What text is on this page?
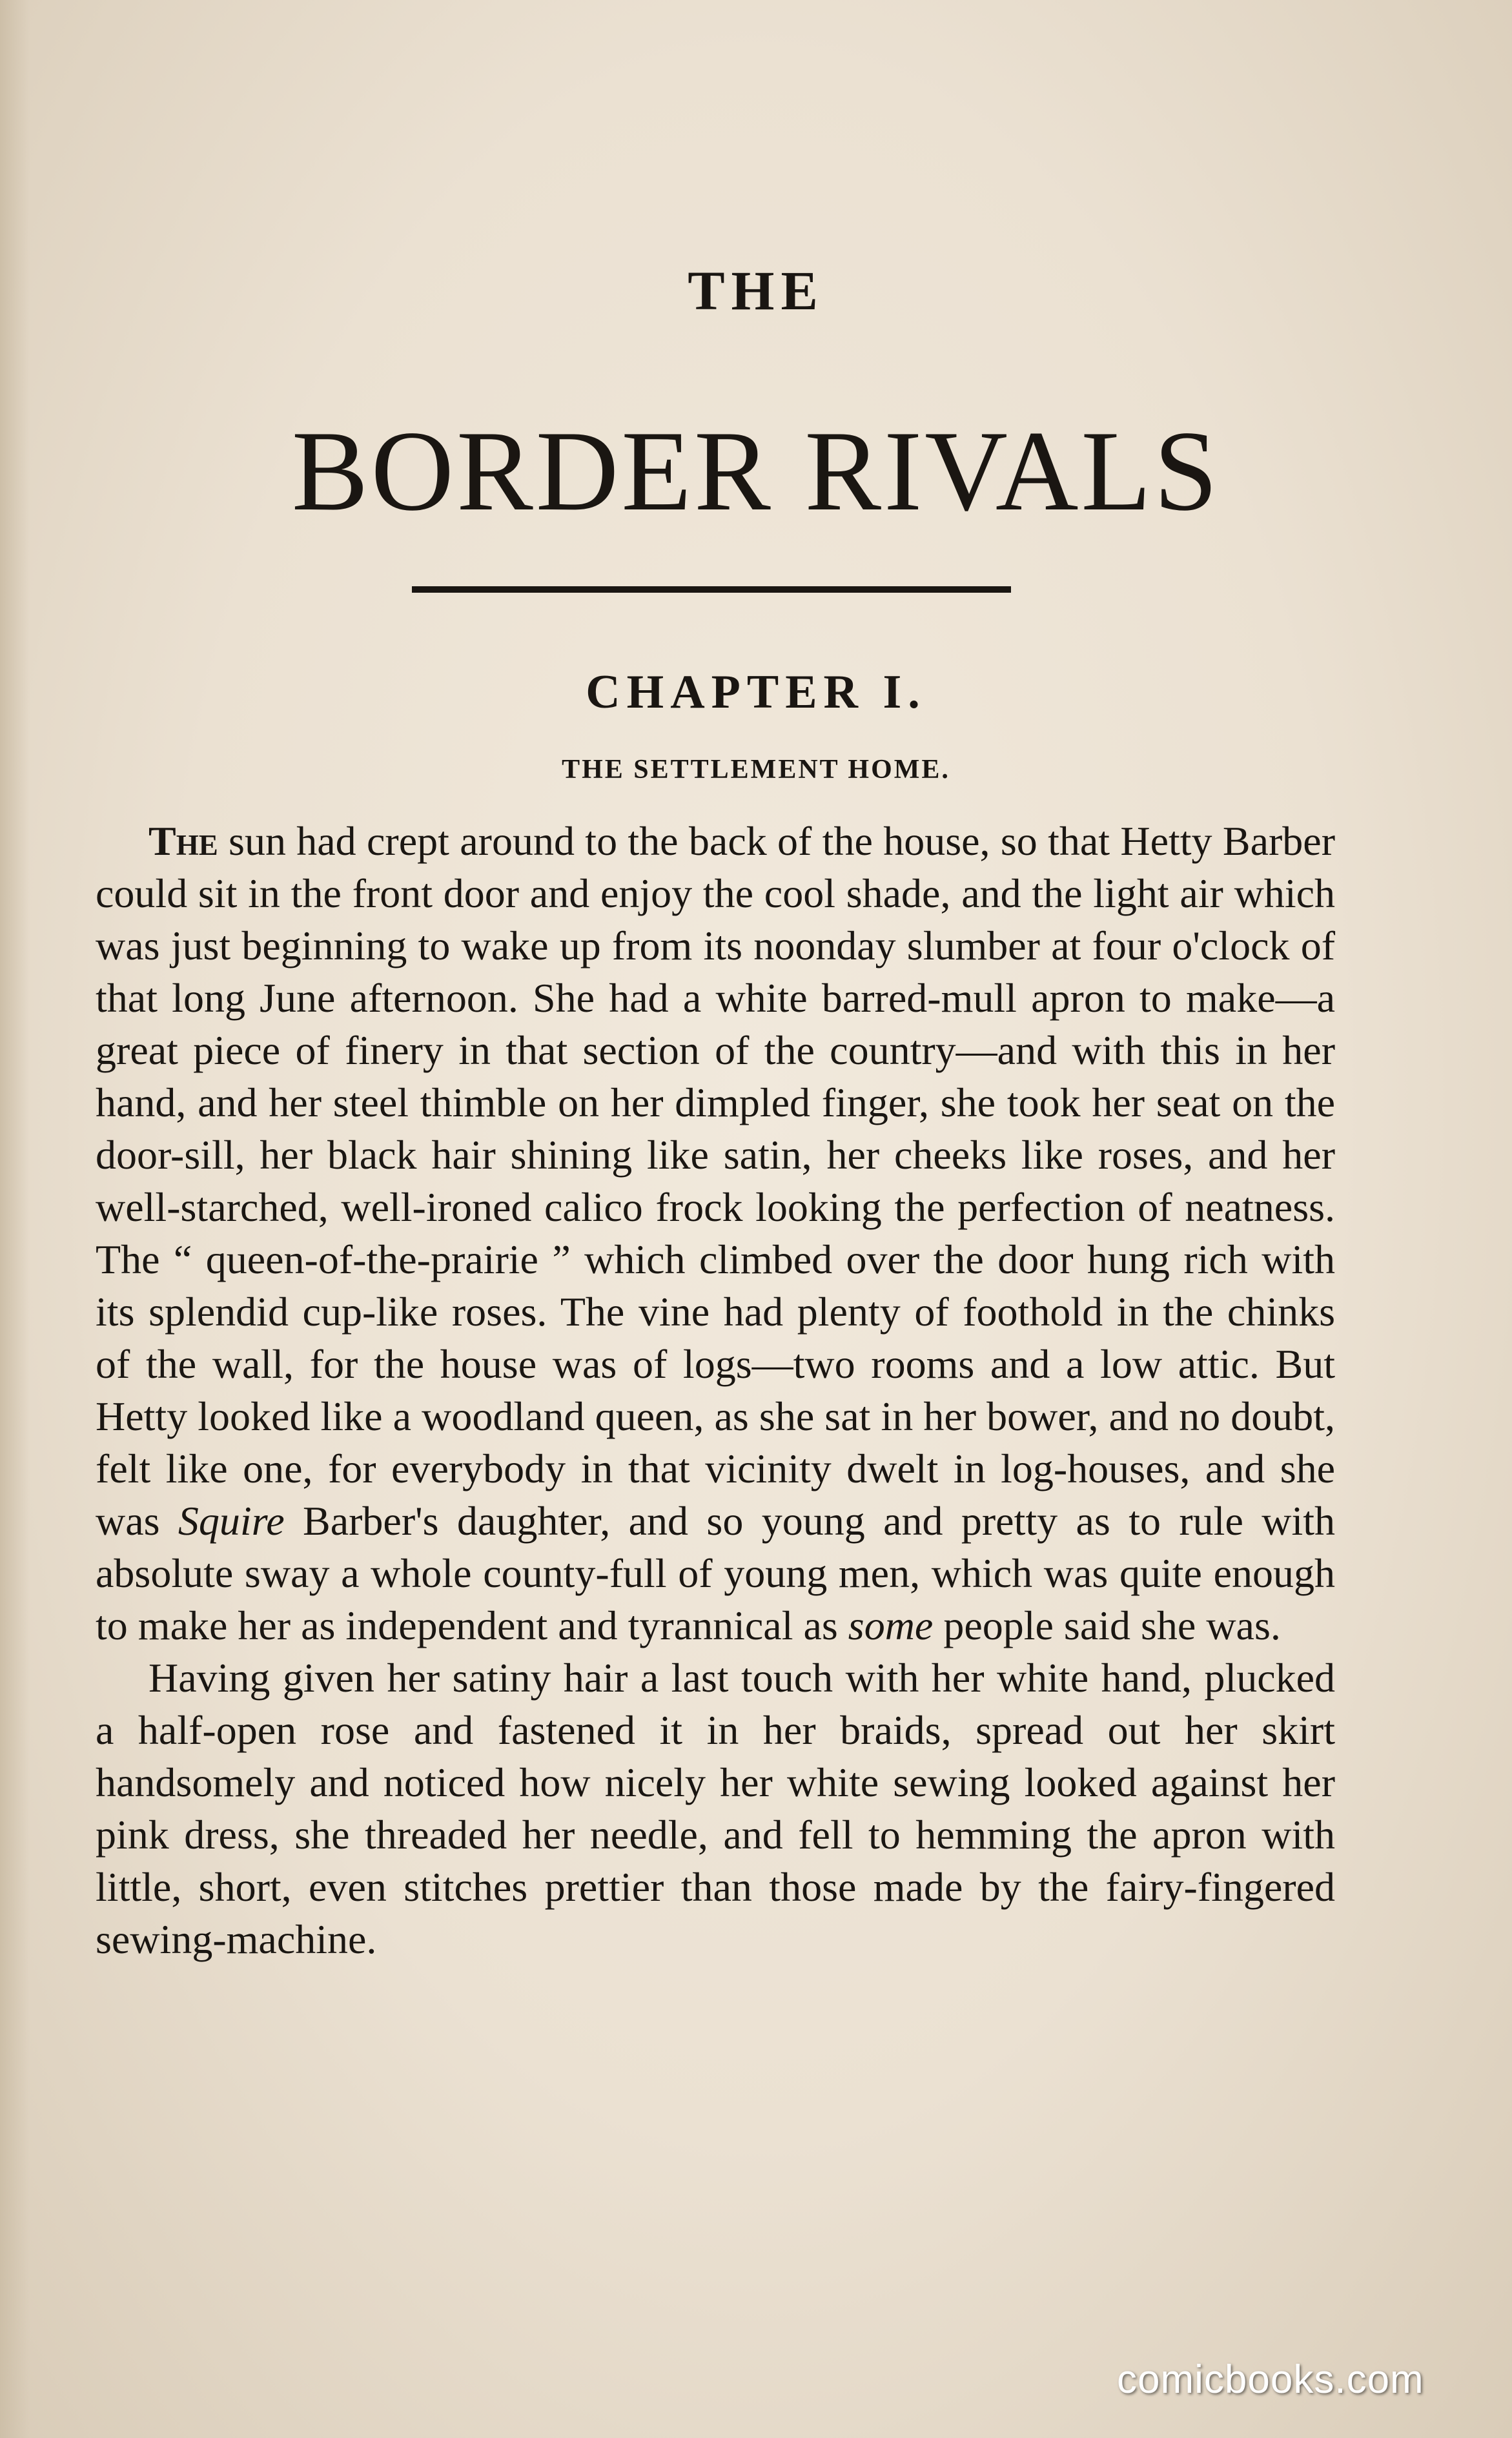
THE
BORDER RIVALS
CHAPTER I.
THE SETTLEMENT HOME.

The sun had crept around to the back of the house, so that Hetty Barber could sit in the front door and enjoy the cool shade, and the light air which was just beginning to wake up from its noonday slumber at four o'clock of that long June afternoon. She had a white barred-mull apron to make—a great piece of finery in that section of the country—and with this in her hand, and her steel thimble on her dimpled finger, she took her seat on the door-sill, her black hair shining like satin, her cheeks like roses, and her well-starched, well-ironed calico frock looking the perfection of neatness. The “ queen-of-the-prairie ” which climbed over the door hung rich with its splendid cup-like roses. The vine had plenty of foothold in the chinks of the wall, for the house was of logs—two rooms and a low attic. But Hetty looked like a woodland queen, as she sat in her bower, and no doubt, felt like one, for everybody in that vicinity dwelt in log-houses, and she was Squire Barber's daughter, and so young and pretty as to rule with absolute sway a whole county-full of young men, which was quite enough to make her as independent and tyrannical as some people said she was.

Having given her satiny hair a last touch with her white hand, plucked a half-open rose and fastened it in her braids, spread out her skirt handsomely and noticed how nicely her white sewing looked against her pink dress, she threaded her needle, and fell to hemming the apron with little, short, even stitches prettier than those made by the fairy-fingered sewing-machine.

comicbooks.com
